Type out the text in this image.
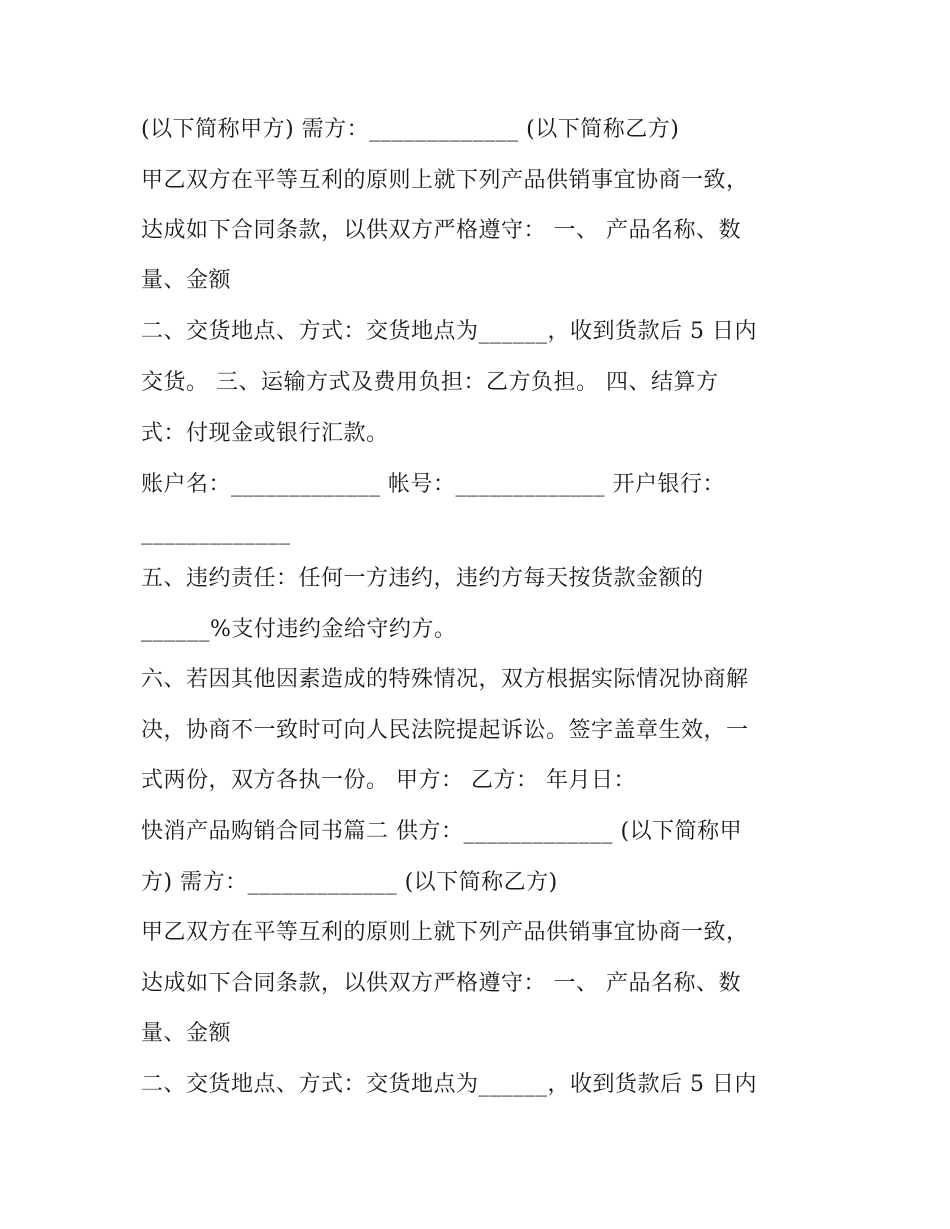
(以下简称甲方) 需方：_____________ (以下简称乙方)
甲乙双方在平等互利的原则上就下列产品供销事宜协商一致，
达成如下合同条款，以供双方严格遵守： 一、 产品名称、数
量、金额
二、交货地点、方式：交货地点为______，收到货款后 5 日内
交货。 三、运输方式及费用负担：乙方负担。 四、结算方
式：付现金或银行汇款。
账户名：_____________ 帐号：_____________ 开户银行：
_____________
五、违约责任：任何一方违约，违约方每天按货款金额的
______%支付违约金给守约方。
六、若因其他因素造成的特殊情况，双方根据实际情况协商解
决，协商不一致时可向人民法院提起诉讼。签字盖章生效，一
式两份，双方各执一份。 甲方： 乙方： 年月日：
快消产品购销合同书篇二 供方：_____________ (以下简称甲
方) 需方：_____________ (以下简称乙方)
甲乙双方在平等互利的原则上就下列产品供销事宜协商一致，
达成如下合同条款，以供双方严格遵守： 一、 产品名称、数
量、金额
二、交货地点、方式：交货地点为______，收到货款后 5 日内
